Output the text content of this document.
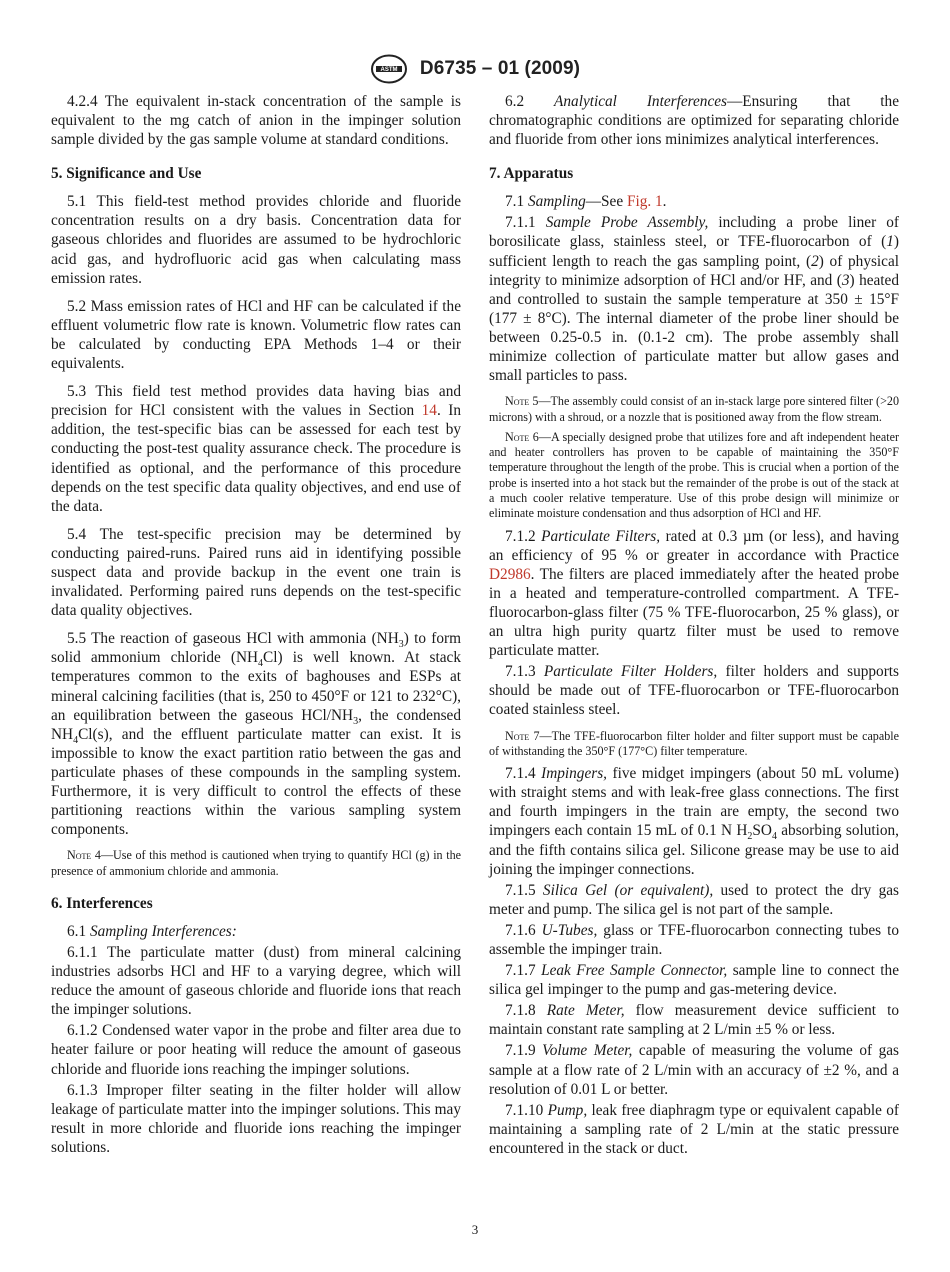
ASTM D6735 – 01 (2009)

4.2.4 The equivalent in-stack concentration of the sample is equivalent to the mg catch of anion in the impinger solution sample divided by the gas sample volume at standard conditions.

5. Significance and Use

5.1 This field-test method provides chloride and fluoride concentration results on a dry basis. Concentration data for gaseous chlorides and fluorides are assumed to be hydrochloric acid gas, and hydrofluoric acid gas when calculating mass emission rates.

5.2 Mass emission rates of HCl and HF can be calculated if the effluent volumetric flow rate is known. Volumetric flow rates can be calculated by conducting EPA Methods 1–4 or their equivalents.

5.3 This field test method provides data having bias and precision for HCl consistent with the values in Section 14. In addition, the test-specific bias can be assessed for each test by conducting the post-test quality assurance check. The procedure is identified as optional, and the performance of this procedure depends on the test specific data quality objectives, and end use of the data.

5.4 The test-specific precision may be determined by conducting paired-runs. Paired runs aid in identifying possible suspect data and provide backup in the event one train is invalidated. Performing paired runs depends on the test-specific data quality objectives.

5.5 The reaction of gaseous HCl with ammonia $(NH_3)$ to form solid ammonium chloride $(NH_4Cl)$ is well known. At stack temperatures common to the exits of baghouses and ESPs at mineral calcining facilities (that is, 250 to 450°F or 121 to 232°C), an equilibration between the gaseous HCl/$NH_3$, the condensed $NH_4Cl(s)$, and the effluent particulate matter can exist. It is impossible to know the exact partition ratio between the gas and particulate phases of these compounds in the sampling system. Furthermore, it is very difficult to control the effects of these partitioning reactions within the various sampling system components.

Note 4—Use of this method is cautioned when trying to quantify HCl (g) in the presence of ammonium chloride and ammonia.

6. Interferences

6.1 Sampling Interferences:

6.1.1 The particulate matter (dust) from mineral calcining industries adsorbs HCl and HF to a varying degree, which will reduce the amount of gaseous chloride and fluoride ions that reach the impinger solutions.

6.1.2 Condensed water vapor in the probe and filter area due to heater failure or poor heating will reduce the amount of gaseous chloride and fluoride ions reaching the impinger solutions.

6.1.3 Improper filter seating in the filter holder will allow leakage of particulate matter into the impinger solutions. This may result in more chloride and fluoride ions reaching the impinger solutions.

6.2 Analytical Interferences—Ensuring that the chromatographic conditions are optimized for separating chloride and fluoride from other ions minimizes analytical interferences.

7. Apparatus

7.1 Sampling—See Fig. 1.

7.1.1 Sample Probe Assembly, including a probe liner of borosilicate glass, stainless steel, or TFE-fluorocarbon of (1) sufficient length to reach the gas sampling point, (2) of physical integrity to minimize adsorption of HCl and/or HF, and (3) heated and controlled to sustain the sample temperature at 350 ± 15°F (177 ± 8°C). The internal diameter of the probe liner should be between 0.25-0.5 in. (0.1-2 cm). The probe assembly shall minimize collection of particulate matter but allow gases and small particles to pass.

Note 5—The assembly could consist of an in-stack large pore sintered filter (>20 microns) with a shroud, or a nozzle that is positioned away from the flow stream.

Note 6—A specially designed probe that utilizes fore and aft independent heater and heater controllers has proven to be capable of maintaining the 350°F temperature throughout the length of the probe. This is crucial when a portion of the probe is inserted into a hot stack but the remainder of the probe is out of the stack at a much cooler relative temperature. Use of this probe design will minimize or eliminate moisture condensation and thus adsorption of HCl and HF.

7.1.2 Particulate Filters, rated at 0.3 µm (or less), and having an efficiency of 95 % or greater in accordance with Practice D2986. The filters are placed immediately after the heated probe in a heated and temperature-controlled compartment. A TFE-fluorocarbon-glass filter (75 % TFE-fluorocarbon, 25 % glass), or an ultra high purity quartz filter must be used to remove particulate matter.

7.1.3 Particulate Filter Holders, filter holders and supports should be made out of TFE-fluorocarbon or TFE-fluorocarbon coated stainless steel.

Note 7—The TFE-fluorocarbon filter holder and filter support must be capable of withstanding the 350°F (177°C) filter temperature.

7.1.4 Impingers, five midget impingers (about 50 mL volume) with straight stems and with leak-free glass connections. The first and fourth impingers in the train are empty, the second two impingers each contain 15 mL of 0.1 N $H_2SO_4$ absorbing solution, and the fifth contains silica gel. Silicone grease may be use to aid joining the impinger connections.

7.1.5 Silica Gel (or equivalent), used to protect the dry gas meter and pump. The silica gel is not part of the sample.

7.1.6 U-Tubes, glass or TFE-fluorocarbon connecting tubes to assemble the impinger train.

7.1.7 Leak Free Sample Connector, sample line to connect the silica gel impinger to the pump and gas-metering device.

7.1.8 Rate Meter, flow measurement device sufficient to maintain constant rate sampling at 2 L/min ±5 % or less.

7.1.9 Volume Meter, capable of measuring the volume of gas sample at a flow rate of 2 L/min with an accuracy of ±2 %, and a resolution of 0.01 L or better.

7.1.10 Pump, leak free diaphragm type or equivalent capable of maintaining a sampling rate of 2 L/min at the static pressure encountered in the stack or duct.

3
